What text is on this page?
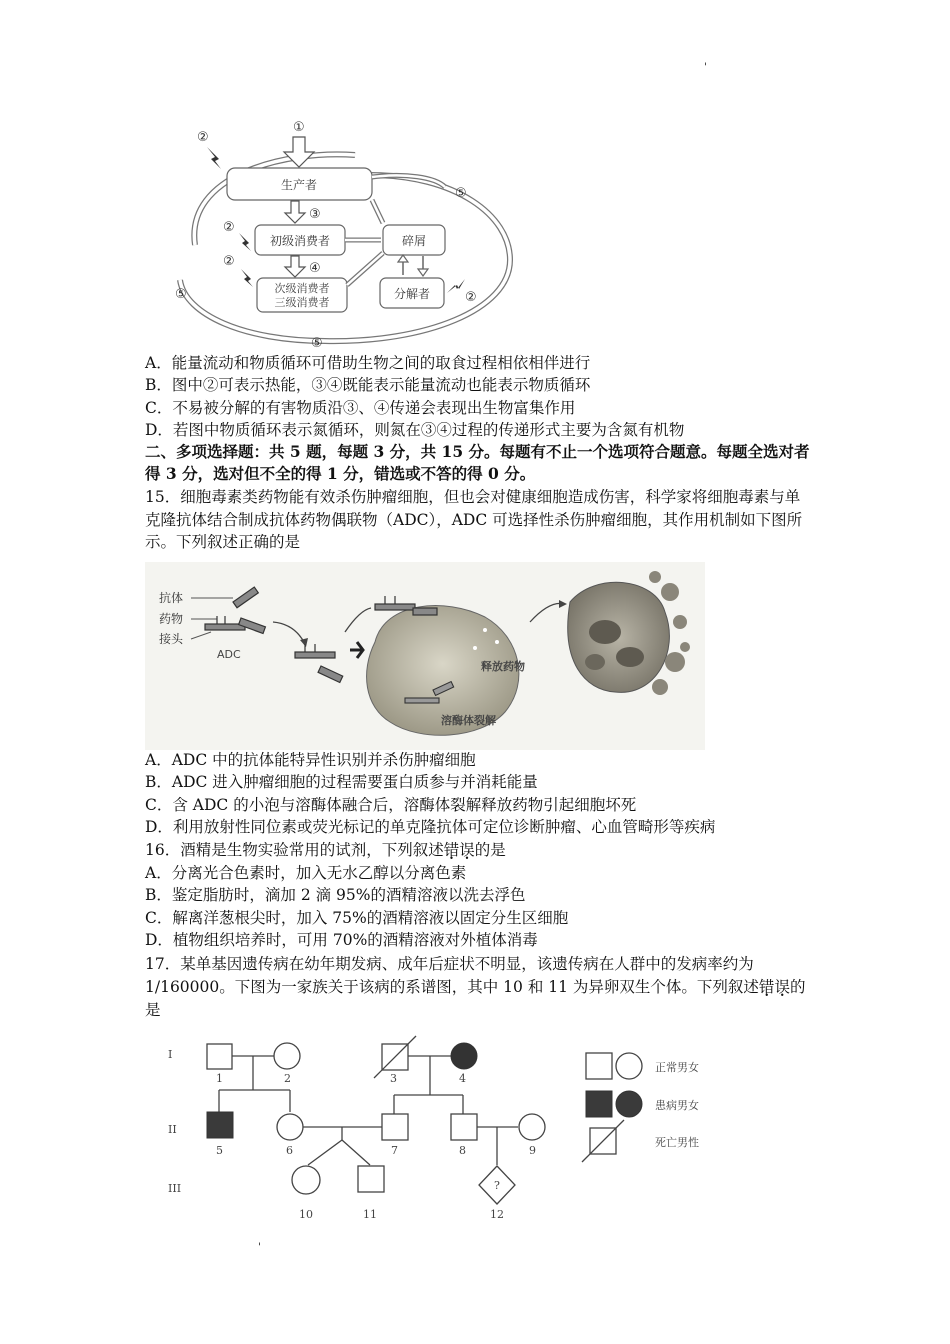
'
生产者
①
②
⑤
③
初级消费者
②
④
次级消费者
三级消费者
②
碎屑
分解者	②
⑤
⑤
A．能量流动和物质循环可借助生物之间的取食过程相依相伴进行
B．图中②可表示热能，③④既能表示能量流动也能表示物质循环
C．不易被分解的有害物质沿③、④传递会表现出生物富集作用
D．若图中物质循环表示氮循环，则氮在③④过程的传递形式主要为含氮有机物
二、多项选择题：共 5 题，每题 3 分，共 15 分。每题有不止一个选项符合题意。每题全选对者
得 3 分，选对但不全的得 1 分，错选或不答的得 0 分。
15．细胞毒素类药物能有效杀伤肿瘤细胞，但也会对健康细胞造成伤害，科学家将细胞毒素与单克隆抗体结合制成抗体药物偶联物（ADC），ADC 可选择性杀伤肿瘤细胞，其作用机制如下图所示。下列叙述正确的是
抗体
药物
接头
ADC
释放药物
溶酶体裂解
A．ADC 中的抗体能特异性识别并杀伤肿瘤细胞
B．ADC 进入肿瘤细胞的过程需要蛋白质参与并消耗能量
C．含 ADC 的小泡与溶酶体融合后，溶酶体裂解释放药物引起细胞坏死
D．利用放射性同位素或荧光标记的单克隆抗体可定位诊断肿瘤、心血管畸形等疾病
16．酒精是生物实验常用的试剂，下列叙述错误的是
A．分离光合色素时，加入无水乙醇以分离色素
B．鉴定脂肪时，滴加 2 滴 95%的酒精溶液以洗去浮色
C．解离洋葱根尖时，加入 75%的酒精溶液以固定分生区细胞
D．植物组织培养时，可用 70%的酒精溶液对外植体消毒
17．某单基因遗传病在幼年期发病、成年后症状不明显，该遗传病在人群中的发病率约为
1/160000。下图为一家族关于该病的系谱图，其中 10 和 11 为异卵双生个体。下列叙述错误的
是
I
II
III	?
1	2	3	4
5	6	7	8	9
10	11	12
正常男女
患病男女
死亡男性
'
